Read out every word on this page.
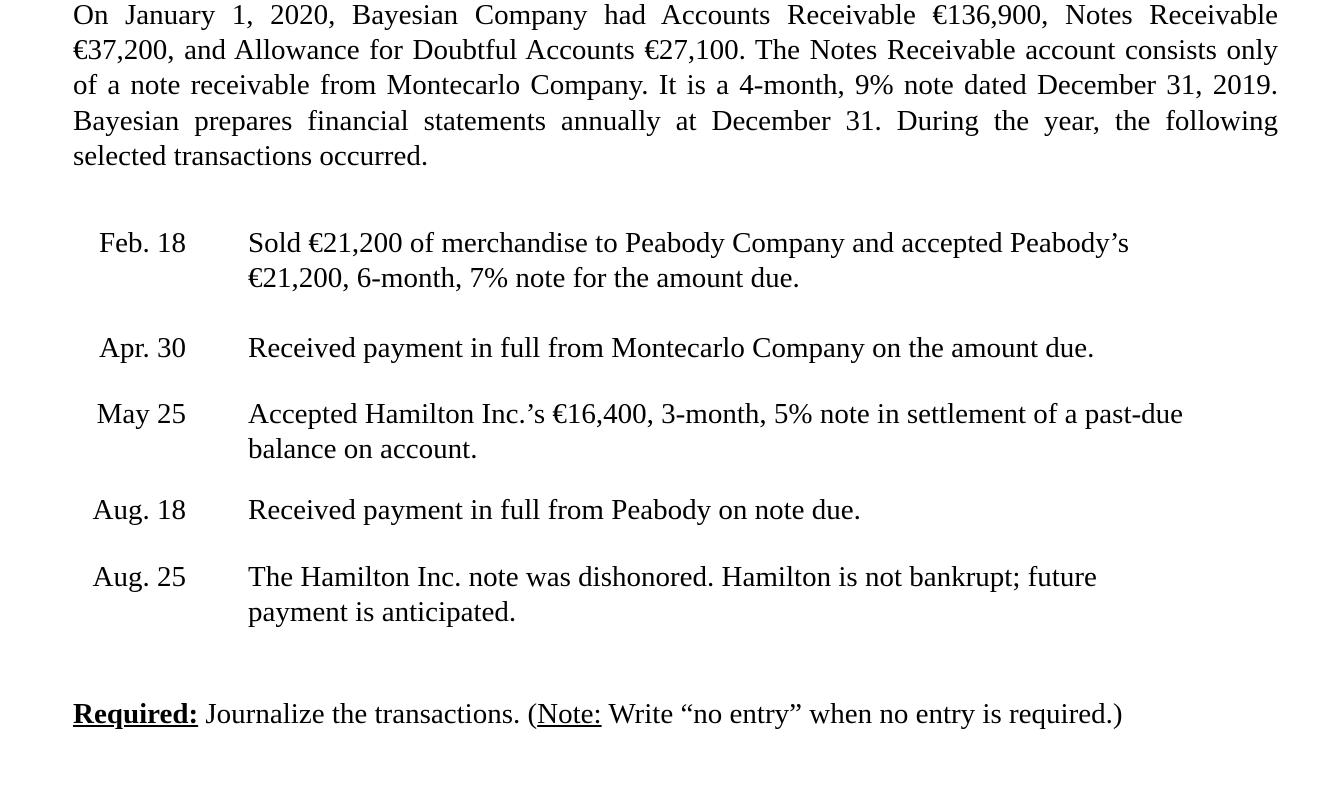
On January 1, 2020, Bayesian Company had Accounts Receivable €136,900, Notes Receivable €37,200, and Allowance for Doubtful Accounts €27,100. The Notes Receivable account consists only of a note receivable from Montecarlo Company. It is a 4-month, 9% note dated December 31, 2019. Bayesian prepares financial statements annually at December 31. During the year, the following selected transactions occurred.

Feb. 18 Sold €21,200 of merchandise to Peabody Company and accepted Peabody’s €21,200, 6-month, 7% note for the amount due.

Apr. 30 Received payment in full from Montecarlo Company on the amount due.

May 25 Accepted Hamilton Inc.’s €16,400, 3-month, 5% note in settlement of a past-due balance on account.

Aug. 18 Received payment in full from Peabody on note due.

Aug. 25 The Hamilton Inc. note was dishonored. Hamilton is not bankrupt; future payment is anticipated.

Required: Journalize the transactions. (Note: Write “no entry” when no entry is required.)
